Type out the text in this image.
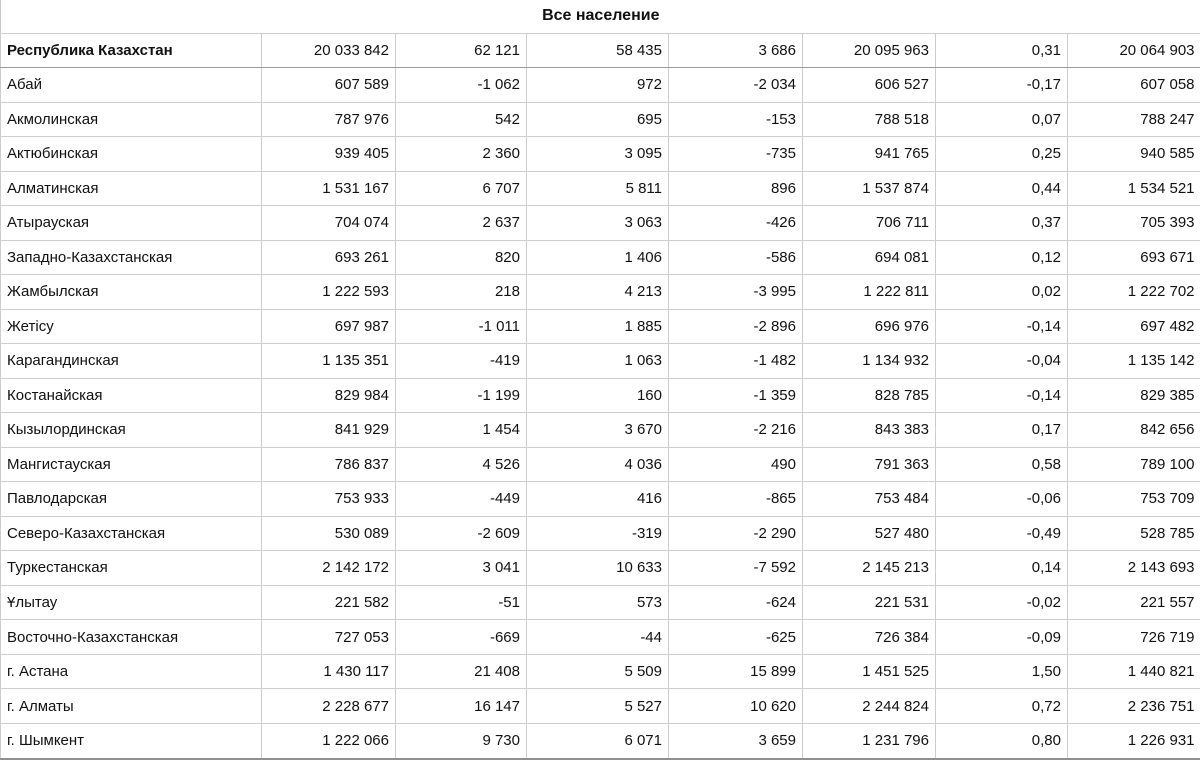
Все население							
Республика Казахстан	20 033 842	62 121	58 435	3 686	20 095 963	0,31	20 064 903
Абай	607 589	-1 062	972	-2 034	606 527	-0,17	607 058
Акмолинская	787 976	542	695	-153	788 518	0,07	788 247
Актюбинская	939 405	2 360	3 095	-735	941 765	0,25	940 585
Алматинская	1 531 167	6 707	5 811	896	1 537 874	0,44	1 534 521
Атырауская	704 074	2 637	3 063	-426	706 711	0,37	705 393
Западно-Казахстанская	693 261	820	1 406	-586	694 081	0,12	693 671
Жамбылская	1 222 593	218	4 213	-3 995	1 222 811	0,02	1 222 702
Жетісу	697 987	-1 011	1 885	-2 896	696 976	-0,14	697 482
Карагандинская	1 135 351	-419	1 063	-1 482	1 134 932	-0,04	1 135 142
Костанайская	829 984	-1 199	160	-1 359	828 785	-0,14	829 385
Кызылординская	841 929	1 454	3 670	-2 216	843 383	0,17	842 656
Мангистауская	786 837	4 526	4 036	490	791 363	0,58	789 100
Павлодарская	753 933	-449	416	-865	753 484	-0,06	753 709
Северо-Казахстанская	530 089	-2 609	-319	-2 290	527 480	-0,49	528 785
Туркестанская	2 142 172	3 041	10 633	-7 592	2 145 213	0,14	2 143 693
Ұлытау	221 582	-51	573	-624	221 531	-0,02	221 557
Восточно-Казахстанская	727 053	-669	-44	-625	726 384	-0,09	726 719
г. Астана	1 430 117	21 408	5 509	15 899	1 451 525	1,50	1 440 821
г. Алматы	2 228 677	16 147	5 527	10 620	2 244 824	0,72	2 236 751
г. Шымкент	1 222 066	9 730	6 071	3 659	1 231 796	0,80	1 226 931
